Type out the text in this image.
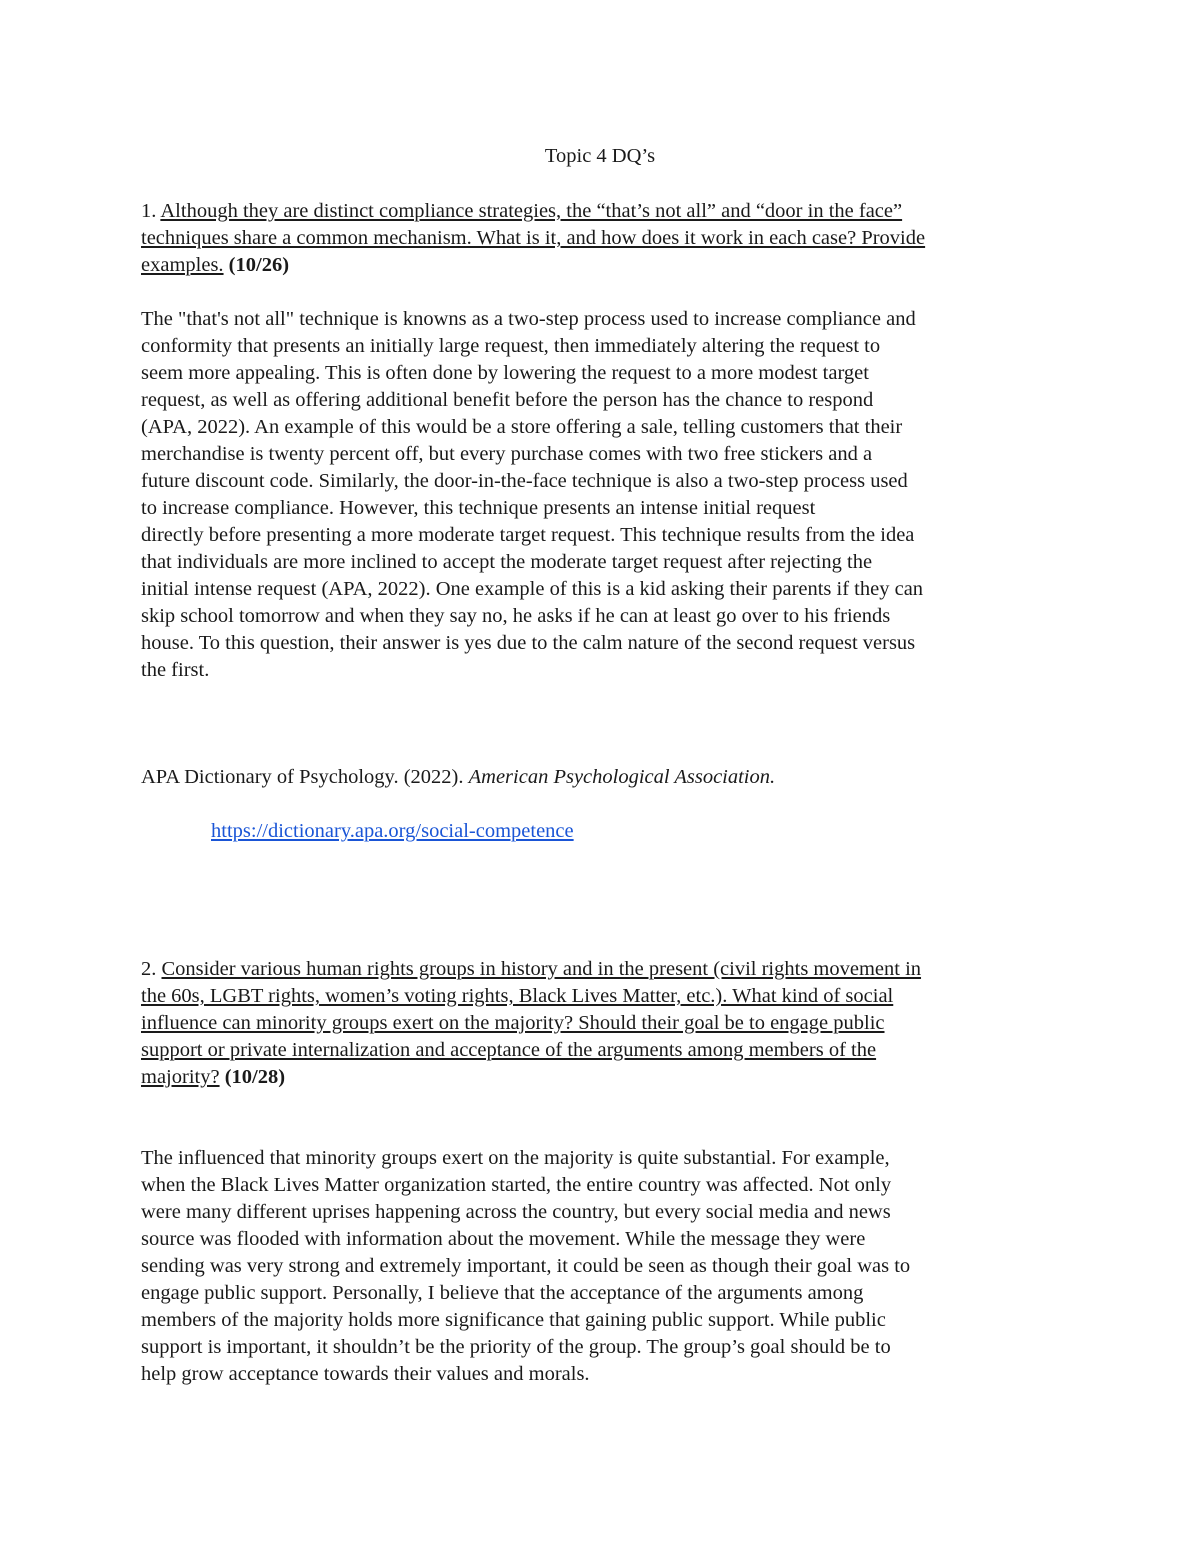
Topic 4 DQ’s
1. Although they are distinct compliance strategies, the “that’s not all” and “door in the face”
techniques share a common mechanism. What is it, and how does it work in each case? Provide
examples. (10/26)
The "that's not all" technique is knowns as a two-step process used to increase compliance and
conformity that presents an initially large request, then immediately altering the request to
seem more appealing. This is often done by lowering the request to a more modest target
request, as well as offering additional benefit before the person has the chance to respond
(APA, 2022). An example of this would be a store offering a sale, telling customers that their
merchandise is twenty percent off, but every purchase comes with two free stickers and a
future discount code. Similarly, the door-in-the-face technique is also a two-step process used
to increase compliance. However, this technique presents an intense initial request
directly before presenting a more moderate target request. This technique results from the idea
that individuals are more inclined to accept the moderate target request after rejecting the
initial intense request (APA, 2022). One example of this is a kid asking their parents if they can
skip school tomorrow and when they say no, he asks if he can at least go over to his friends
house. To this question, their answer is yes due to the calm nature of the second request versus
the first.
APA Dictionary of Psychology. (2022). American Psychological Association.
https://dictionary.apa.org/social-competence
2. Consider various human rights groups in history and in the present (civil rights movement in
the 60s, LGBT rights, women’s voting rights, Black Lives Matter, etc.). What kind of social
influence can minority groups exert on the majority? Should their goal be to engage public
support or private internalization and acceptance of the arguments among members of the
majority? (10/28)
The influenced that minority groups exert on the majority is quite substantial. For example,
when the Black Lives Matter organization started, the entire country was affected. Not only
were many different uprises happening across the country, but every social media and news
source was flooded with information about the movement. While the message they were
sending was very strong and extremely important, it could be seen as though their goal was to
engage public support. Personally, I believe that the acceptance of the arguments among
members of the majority holds more significance that gaining public support. While public
support is important, it shouldn’t be the priority of the group. The group’s goal should be to
help grow acceptance towards their values and morals.
